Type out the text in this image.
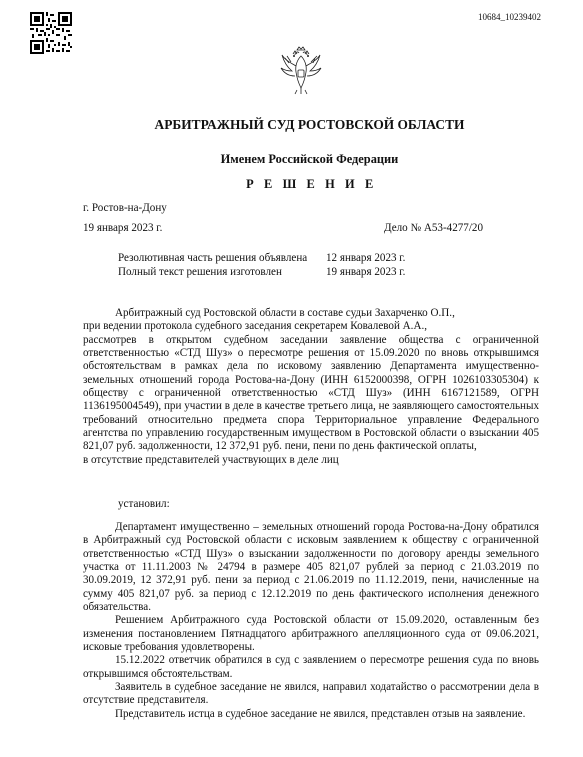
10684_10239402
АРБИТРАЖНЫЙ СУД РОСТОВСКОЙ ОБЛАСТИ
Именем Российской Федерации
Р Е Ш Е Н И Е
г. Ростов-на-Дону
19 января 2023 г.	Дело № А53-4277/20
Резолютивная часть решения объявлена 12 января 2023 г.
Полный текст решения изготовлен	19 января 2023 г.

Арбитражный суд Ростовской области в составе судьи Захарченко О.П.,

при ведении протокола судебного заседания секретарем Ковалевой А.А.,

рассмотрев в открытом судебном заседании заявление общества с ограниченной ответственностью «СТД Шуз» о пересмотре решения от 15.09.2020 по вновь открывшимся обстоятельствам в рамках дела по исковому заявлению Департамента имущественно-земельных отношений города Ростова-на-Дону (ИНН 6152000398, ОГРН 1026103305304) к обществу с ограниченной ответственностью «СТД Шуз» (ИНН 6167121589, ОГРН 1136195004549), при участии в деле в качестве третьего лица, не заявляющего самостоятельных требований относительно предмета спора Территориальное управление Федерального агентства по управлению государственным имуществом в Ростовской области о взыскании 405 821,07 руб. задолженности, 12 372,91 руб. пени, пени по день фактической оплаты,

в отсутствие представителей участвующих в деле лиц

установил:

Департамент имущественно – земельных отношений города Ростова-на-Дону обратился в Арбитражный суд Ростовской области с исковым заявлением к обществу с ограниченной ответственностью «СТД Шуз» о взыскании задолженности по договору аренды земельного участка от 11.11.2003 № 24794 в размере 405 821,07 рублей за период с 21.03.2019 по 30.09.2019, 12 372,91 руб. пени за период с 21.06.2019 по 11.12.2019, пени, начисленные на сумму 405 821,07 руб. за период с 12.12.2019 по день фактического исполнения денежного обязательства.

Решением Арбитражного суда Ростовской области от 15.09.2020, оставленным без изменения постановлением Пятнадцатого арбитражного апелляционного суда от 09.06.2021, исковые требования удовлетворены.

15.12.2022 ответчик обратился в суд с заявлением о пересмотре решения суда по вновь открывшимся обстоятельствам.

Заявитель в судебное заседание не явился, направил ходатайство о рассмотрении дела в отсутствие представителя.

Представитель истца в судебное заседание не явился, представлен отзыв на заявление.
